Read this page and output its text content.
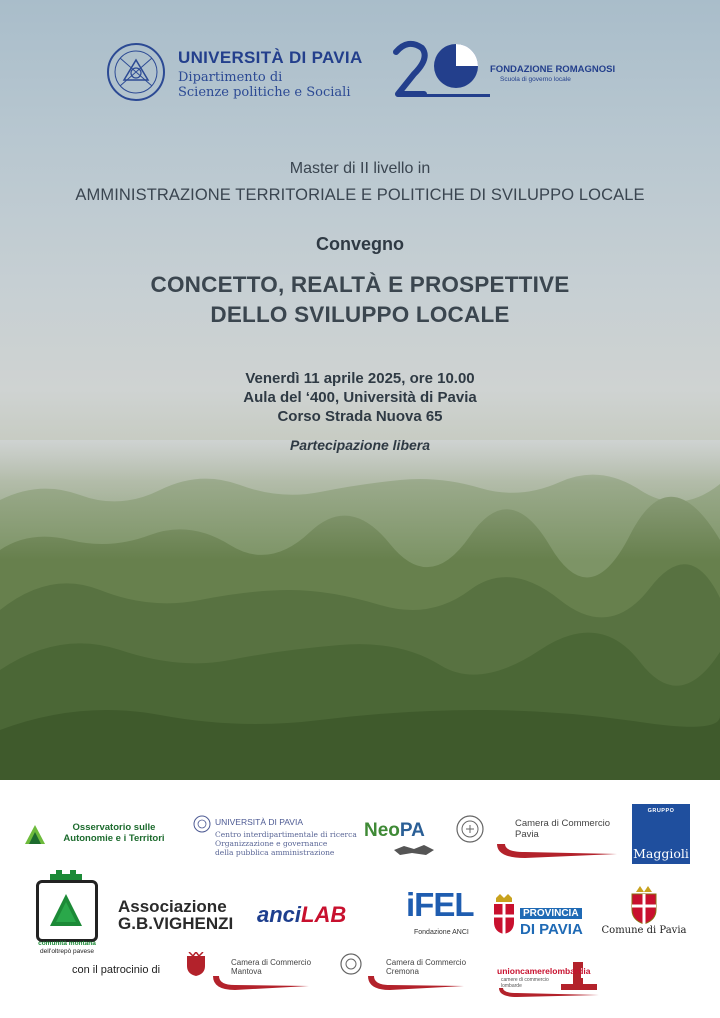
UNIVERSITÀ DI PAVIA
Dipartimento di
Scienze politiche e Sociali
FONDAZIONE ROMAGNOSI
Scuola di governo locale
Master di II livello in
AMMINISTRAZIONE TERRITORIALE E POLITICHE DI SVILUPPO LOCALE
Convegno
CONCETTO, REALTÀ E PROSPETTIVE
DELLO SVILUPPO LOCALE
Venerdì 11 aprile 2025, ore 10.00
Aula del ‘400, Università di Pavia
Corso Strada Nuova 65
Partecipazione libera
Osservatorio sulle Autonomie e i Territori
UNIVERSITÀ DI PAVIA
Centro interdipartimentale di ricerca
Organizzazione e governance
della pubblica amministrazione
NeoPA	Camera di Commercio
Pavia
GRUPPO
Maggioli
comunità montana
dell'oltrepò pavese
Associazione
G.B.VIGHENZI anciLAB	iFEL
Fondazione ANCI
PROVINCIA
DI PAVIA	Comune di Pavia
con il patrocinio di
Camera di Commercio
Mantova
Camera di Commercio
Cremona	unioncamerelombardia
camere di commercio
lombarde
